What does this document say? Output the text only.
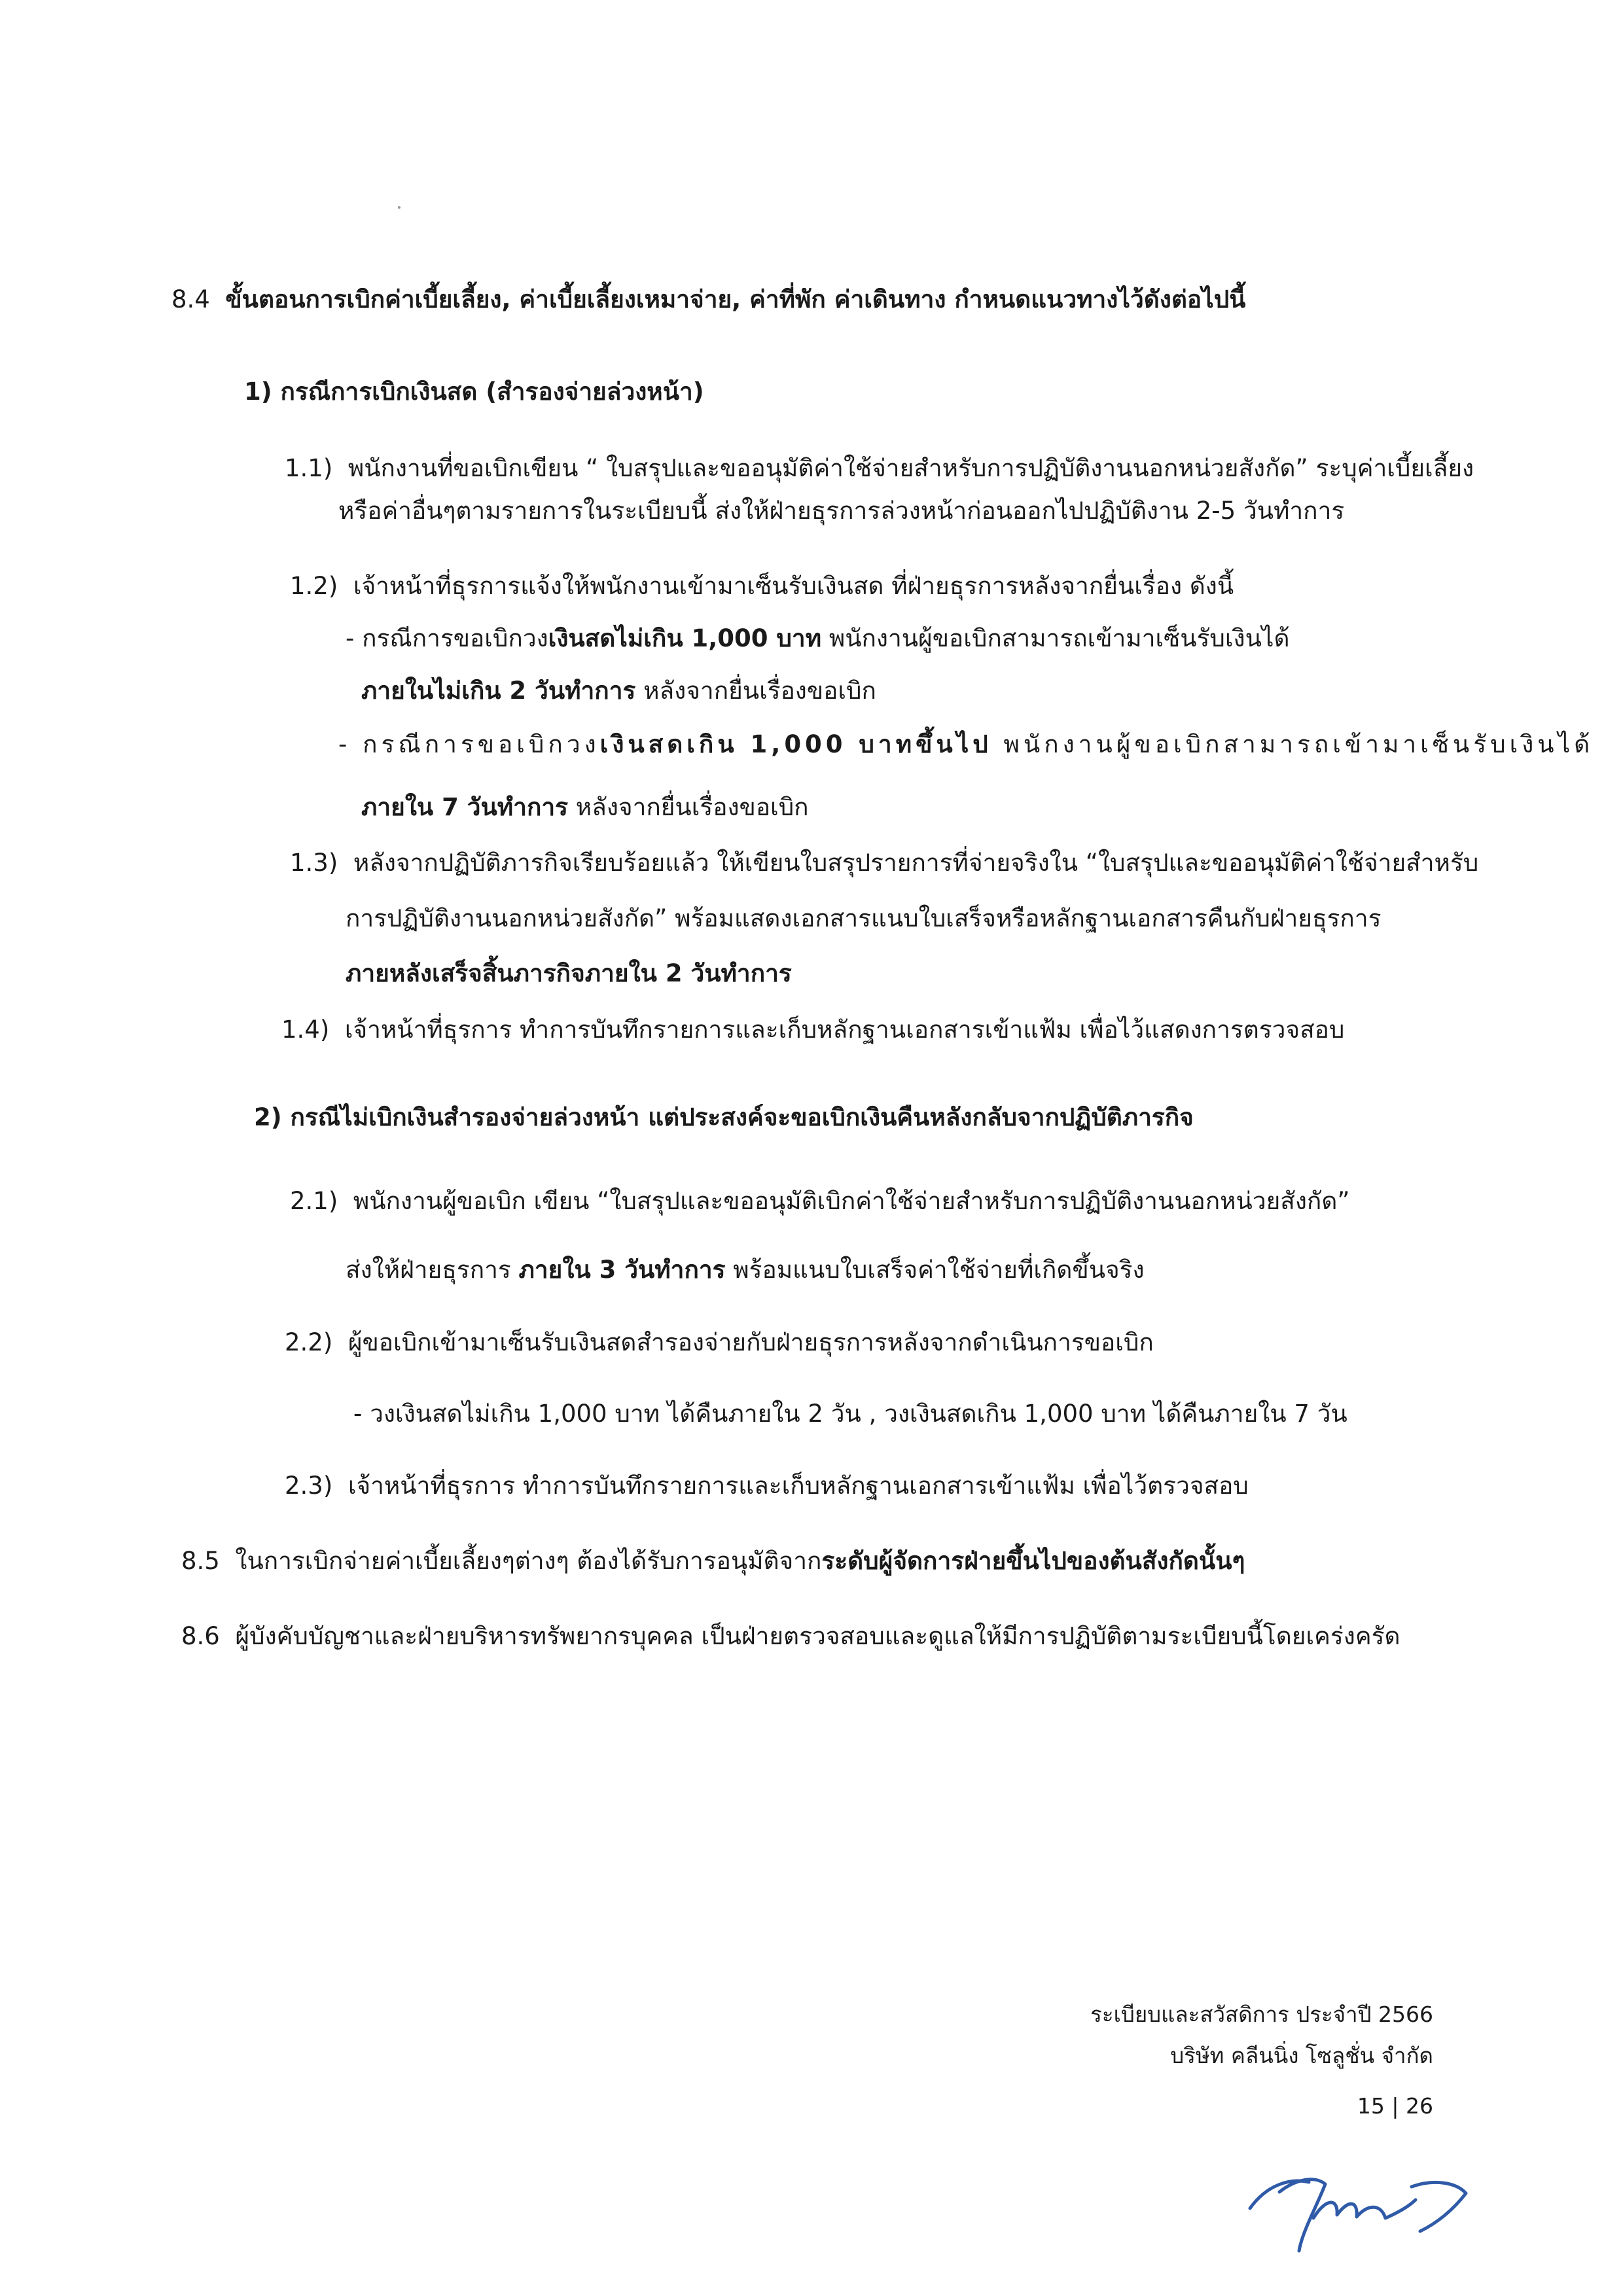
8.4 ขั้นตอนการเบิกค่าเบี้ยเลี้ยง, ค่าเบี้ยเลี้ยงเหมาจ่าย, ค่าที่พัก ค่าเดินทาง กำหนดแนวทางไว้ดังต่อไปนี้
1) กรณีการเบิกเงินสด (สำรองจ่ายล่วงหน้า)
1.1) พนักงานที่ขอเบิกเขียน “ ใบสรุปและขออนุมัติค่าใช้จ่ายสำหรับการปฏิบัติงานนอกหน่วยสังกัด” ระบุค่าเบี้ยเลี้ยง
หรือค่าอื่นๆตามรายการในระเบียบนี้ ส่งให้ฝ่ายธุรการล่วงหน้าก่อนออกไปปฏิบัติงาน 2-5 วันทำการ
1.2) เจ้าหน้าที่ธุรการแจ้งให้พนักงานเข้ามาเซ็นรับเงินสด ที่ฝ่ายธุรการหลังจากยื่นเรื่อง ดังนี้
- กรณีการขอเบิกวงเงินสดไม่เกิน 1,000 บาท พนักงานผู้ขอเบิกสามารถเข้ามาเซ็นรับเงินได้
ภายในไม่เกิน 2 วันทำการ หลังจากยื่นเรื่องขอเบิก
- กรณีการขอเบิกวงเงินสดเกิน 1,000 บาทขึ้นไป พนักงานผู้ขอเบิกสามารถเข้ามาเซ็นรับเงินได้
ภายใน 7 วันทำการ หลังจากยื่นเรื่องขอเบิก
1.3) หลังจากปฏิบัติภารกิจเรียบร้อยแล้ว ให้เขียนใบสรุปรายการที่จ่ายจริงใน “ใบสรุปและขออนุมัติค่าใช้จ่ายสำหรับ
การปฏิบัติงานนอกหน่วยสังกัด” พร้อมแสดงเอกสารแนบใบเสร็จหรือหลักฐานเอกสารคืนกับฝ่ายธุรการ
ภายหลังเสร็จสิ้นภารกิจภายใน 2 วันทำการ
1.4) เจ้าหน้าที่ธุรการ ทำการบันทึกรายการและเก็บหลักฐานเอกสารเข้าแฟ้ม เพื่อไว้แสดงการตรวจสอบ
2) กรณีไม่เบิกเงินสำรองจ่ายล่วงหน้า แต่ประสงค์จะขอเบิกเงินคืนหลังกลับจากปฏิบัติภารกิจ
2.1) พนักงานผู้ขอเบิก เขียน “ใบสรุปและขออนุมัติเบิกค่าใช้จ่ายสำหรับการปฏิบัติงานนอกหน่วยสังกัด”
ส่งให้ฝ่ายธุรการ ภายใน 3 วันทำการ พร้อมแนบใบเสร็จค่าใช้จ่ายที่เกิดขึ้นจริง
2.2) ผู้ขอเบิกเข้ามาเซ็นรับเงินสดสำรองจ่ายกับฝ่ายธุรการหลังจากดำเนินการขอเบิก
- วงเงินสดไม่เกิน 1,000 บาท ได้คืนภายใน 2 วัน , วงเงินสดเกิน 1,000 บาท ได้คืนภายใน 7 วัน
2.3) เจ้าหน้าที่ธุรการ ทำการบันทึกรายการและเก็บหลักฐานเอกสารเข้าแฟ้ม เพื่อไว้ตรวจสอบ
8.5 ในการเบิกจ่ายค่าเบี้ยเลี้ยงๆต่างๆ ต้องได้รับการอนุมัติจากระดับผู้จัดการฝ่ายขึ้นไปของต้นสังกัดนั้นๆ
8.6 ผู้บังคับบัญชาและฝ่ายบริหารทรัพยากรบุคคล เป็นฝ่ายตรวจสอบและดูแลให้มีการปฏิบัติตามระเบียบนี้โดยเคร่งครัด
ระเบียบและสวัสดิการ ประจำปี 2566
บริษัท คลีนนิ่ง โซลูชั่น จำกัด
15 | 26
